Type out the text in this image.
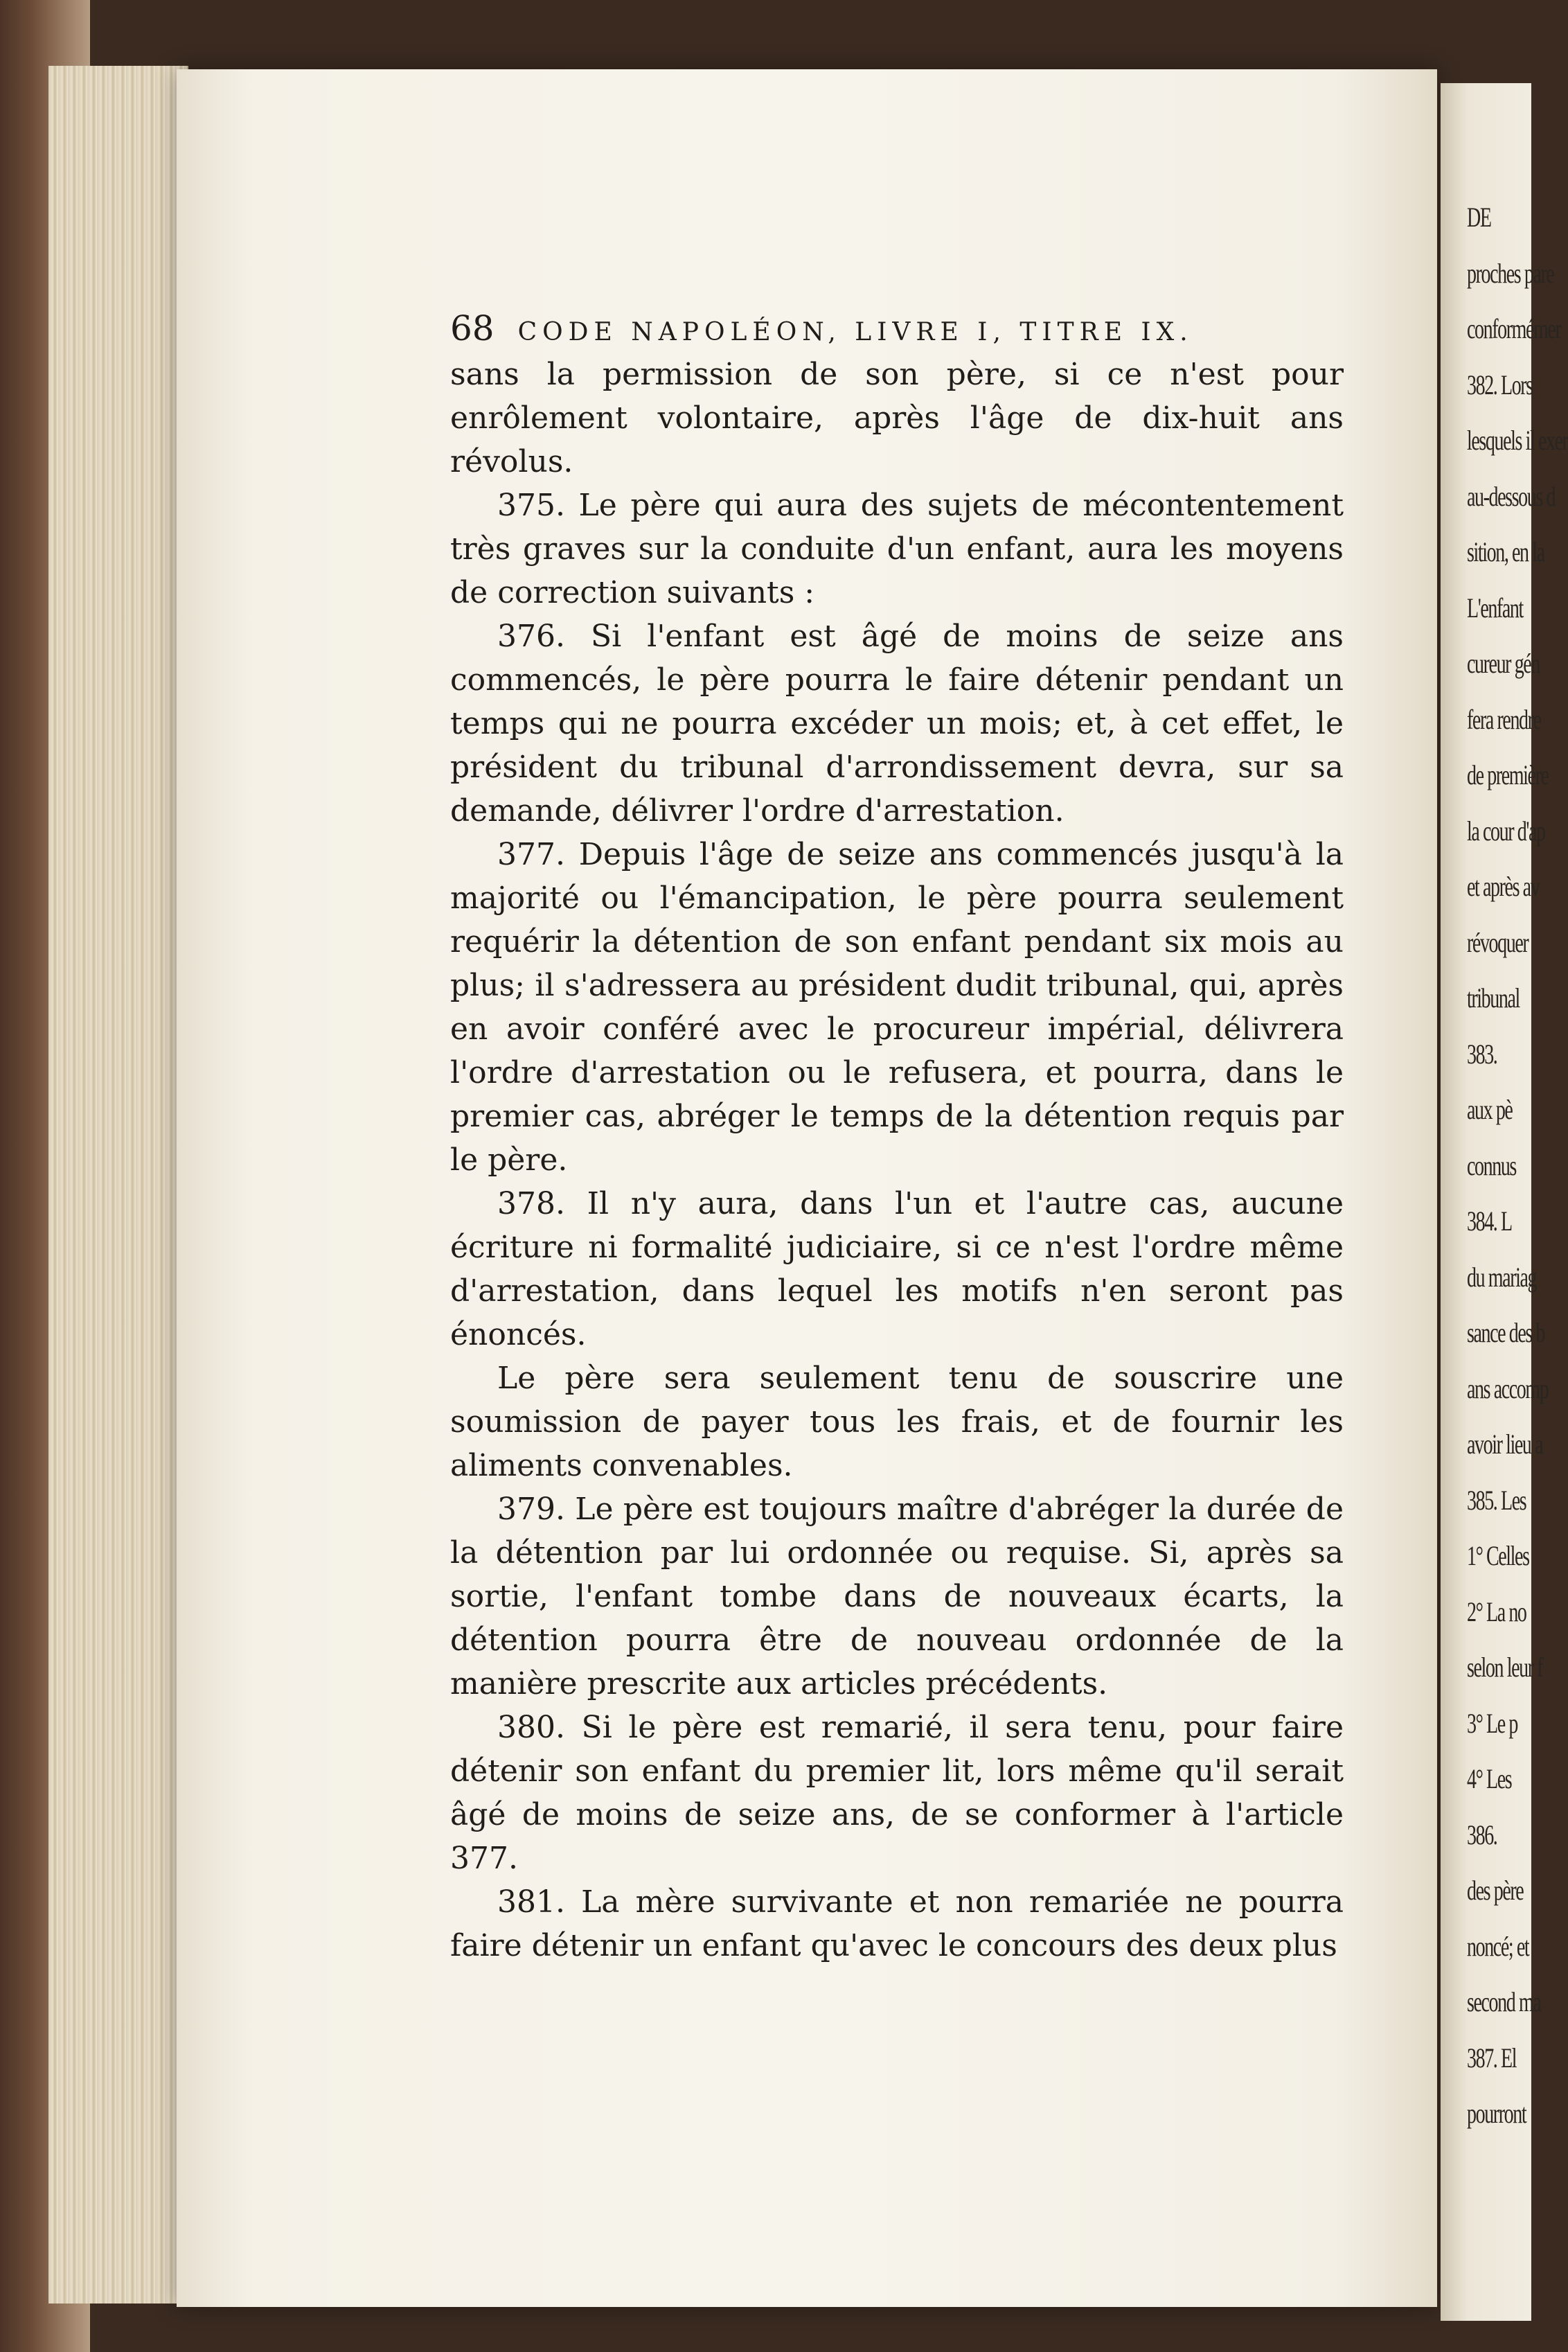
DE
proches pare
conformémer
382. Lors
lesquels il exer
au-dessous d
sition, en la
L'enfant
cureur gén
fera rendre
de première
la cour d'ap
et après av
révoquer
tribunal
383.
aux pè
connus
384. L
du mariag
sance des b
ans accomp
avoir lieu a
385. Les
1° Celles
2° La no
selon leur f
3° Le p
4° Les
386.
des père
noncé; et
second ma
387. El
pourront
68 CODE NAPOLÉON, LIVRE I, TITRE IX.

sans la permission de son père, si ce n'est pour enrôlement volontaire, après l'âge de dix-huit ans révolus.

375. Le père qui aura des sujets de mécontentement très graves sur la conduite d'un enfant, aura les moyens de correction suivants :

376. Si l'enfant est âgé de moins de seize ans commencés, le père pourra le faire détenir pendant un temps qui ne pourra excéder un mois; et, à cet effet, le président du tribunal d'arrondissement devra, sur sa demande, délivrer l'ordre d'arrestation.

377. Depuis l'âge de seize ans commencés jusqu'à la majorité ou l'émancipation, le père pourra seulement requérir la détention de son enfant pendant six mois au plus; il s'adressera au président dudit tribunal, qui, après en avoir conféré avec le procureur impérial, délivrera l'ordre d'arrestation ou le refusera, et pourra, dans le premier cas, abréger le temps de la détention requis par le père.

378. Il n'y aura, dans l'un et l'autre cas, aucune écriture ni formalité judiciaire, si ce n'est l'ordre même d'arrestation, dans lequel les motifs n'en seront pas énoncés.

Le père sera seulement tenu de souscrire une soumission de payer tous les frais, et de fournir les aliments convenables.

379. Le père est toujours maître d'abréger la durée de la détention par lui ordonnée ou requise. Si, après sa sortie, l'enfant tombe dans de nouveaux écarts, la détention pourra être de nouveau ordonnée de la manière prescrite aux articles précédents.

380. Si le père est remarié, il sera tenu, pour faire détenir son enfant du premier lit, lors même qu'il serait âgé de moins de seize ans, de se conformer à l'article 377.

381. La mère survivante et non remariée ne pourra faire détenir un enfant qu'avec le concours des deux plus
